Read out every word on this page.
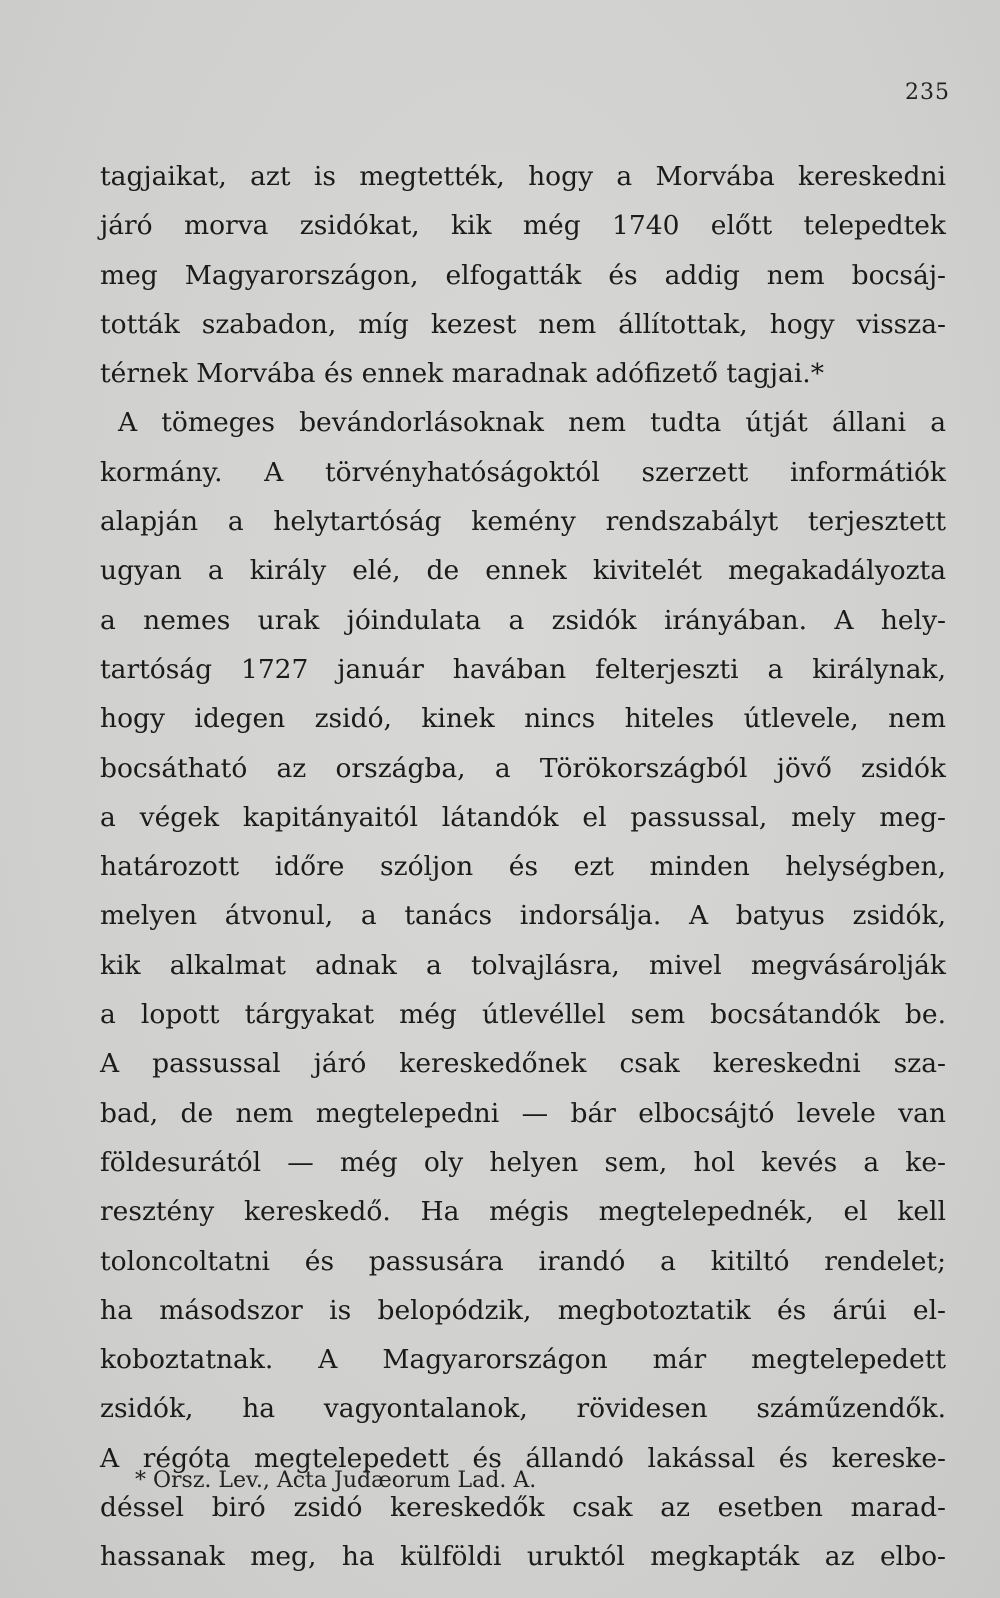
235
tagjaikat, azt is megtették, hogy a Morvába kereskedni
járó morva zsidókat, kik még 1740 előtt telepedtek
meg Magyarországon, elfogatták és addig nem bocsáj-
tották szabadon, míg kezest nem állítottak, hogy vissza-
térnek Morvába és ennek maradnak adófizető tagjai.*
A tömeges bevándorlásoknak nem tudta útját állani a
kormány. A törvényhatóságoktól szerzett informátiók
alapján a helytartóság kemény rendszabályt terjesztett
ugyan a király elé, de ennek kivitelét megakadályozta
a nemes urak jóindulata a zsidók irányában. A hely-
tartóság 1727 január havában felterjeszti a királynak,
hogy idegen zsidó, kinek nincs hiteles útlevele, nem
bocsátható az országba, a Törökországból jövő zsidók
a végek kapitányaitól látandók el passussal, mely meg-
határozott időre szóljon és ezt minden helységben,
melyen átvonul, a tanács indorsálja. A batyus zsidók,
kik alkalmat adnak a tolvajlásra, mivel megvásárolják
a lopott tárgyakat még útlevéllel sem bocsátandók be.
A passussal járó kereskedőnek csak kereskedni sza-
bad, de nem megtelepedni — bár elbocsájtó levele van
földesurától — még oly helyen sem, hol kevés a ke-
resztény kereskedő. Ha mégis megtelepednék, el kell
toloncoltatni és passusára irandó a kitiltó rendelet;
ha másodszor is belopódzik, megbotoztatik és árúi el-
koboztatnak. A Magyarországon már megtelepedett
zsidók, ha vagyontalanok, rövidesen száműzendők.
A régóta megtelepedett és állandó lakással és kereske-
déssel biró zsidó kereskedők csak az esetben marad-
hassanak meg, ha külföldi uruktól megkapták az elbo-
* Orsz. Lev., Acta Judæorum Lad. A.
